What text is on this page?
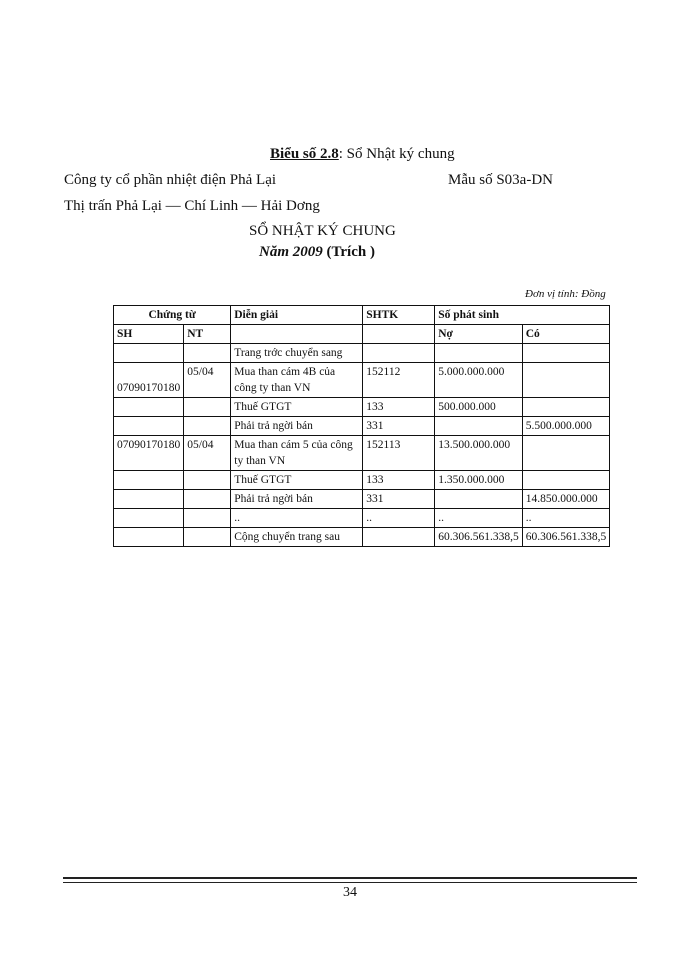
Biểu số 2.8: Sổ Nhật ký chung
Công ty cổ phần nhiệt điện Phả Lại	Mẫu số S03a-DN
Thị trấn Phả Lại — Chí Linh — Hải Dơng
SỔ NHẬT KÝ CHUNG
Năm 2009 (Trích )
Đơn vị tính: Đồng
Chứng từ		Diễn giải	SHTK	Số phát sinh	
SH	NT			Nợ	Có
		Trang trớc chuyển sang			
07090170180	05/04	Mua than cám 4B của công ty than VN	152112	5.000.000.000	
		Thuế GTGT	133	500.000.000	
		Phải trả ngời bán	331		5.500.000.000
07090170180	05/04	Mua than cám 5 của công ty than VN	152113	13.500.000.000	
		Thuế GTGT	133	1.350.000.000	
		Phải trả ngời bán	331		14.850.000.000
		..	..	..	..
		Cộng chuyển trang sau		60.306.561.338,5	60.306.561.338,5
34
